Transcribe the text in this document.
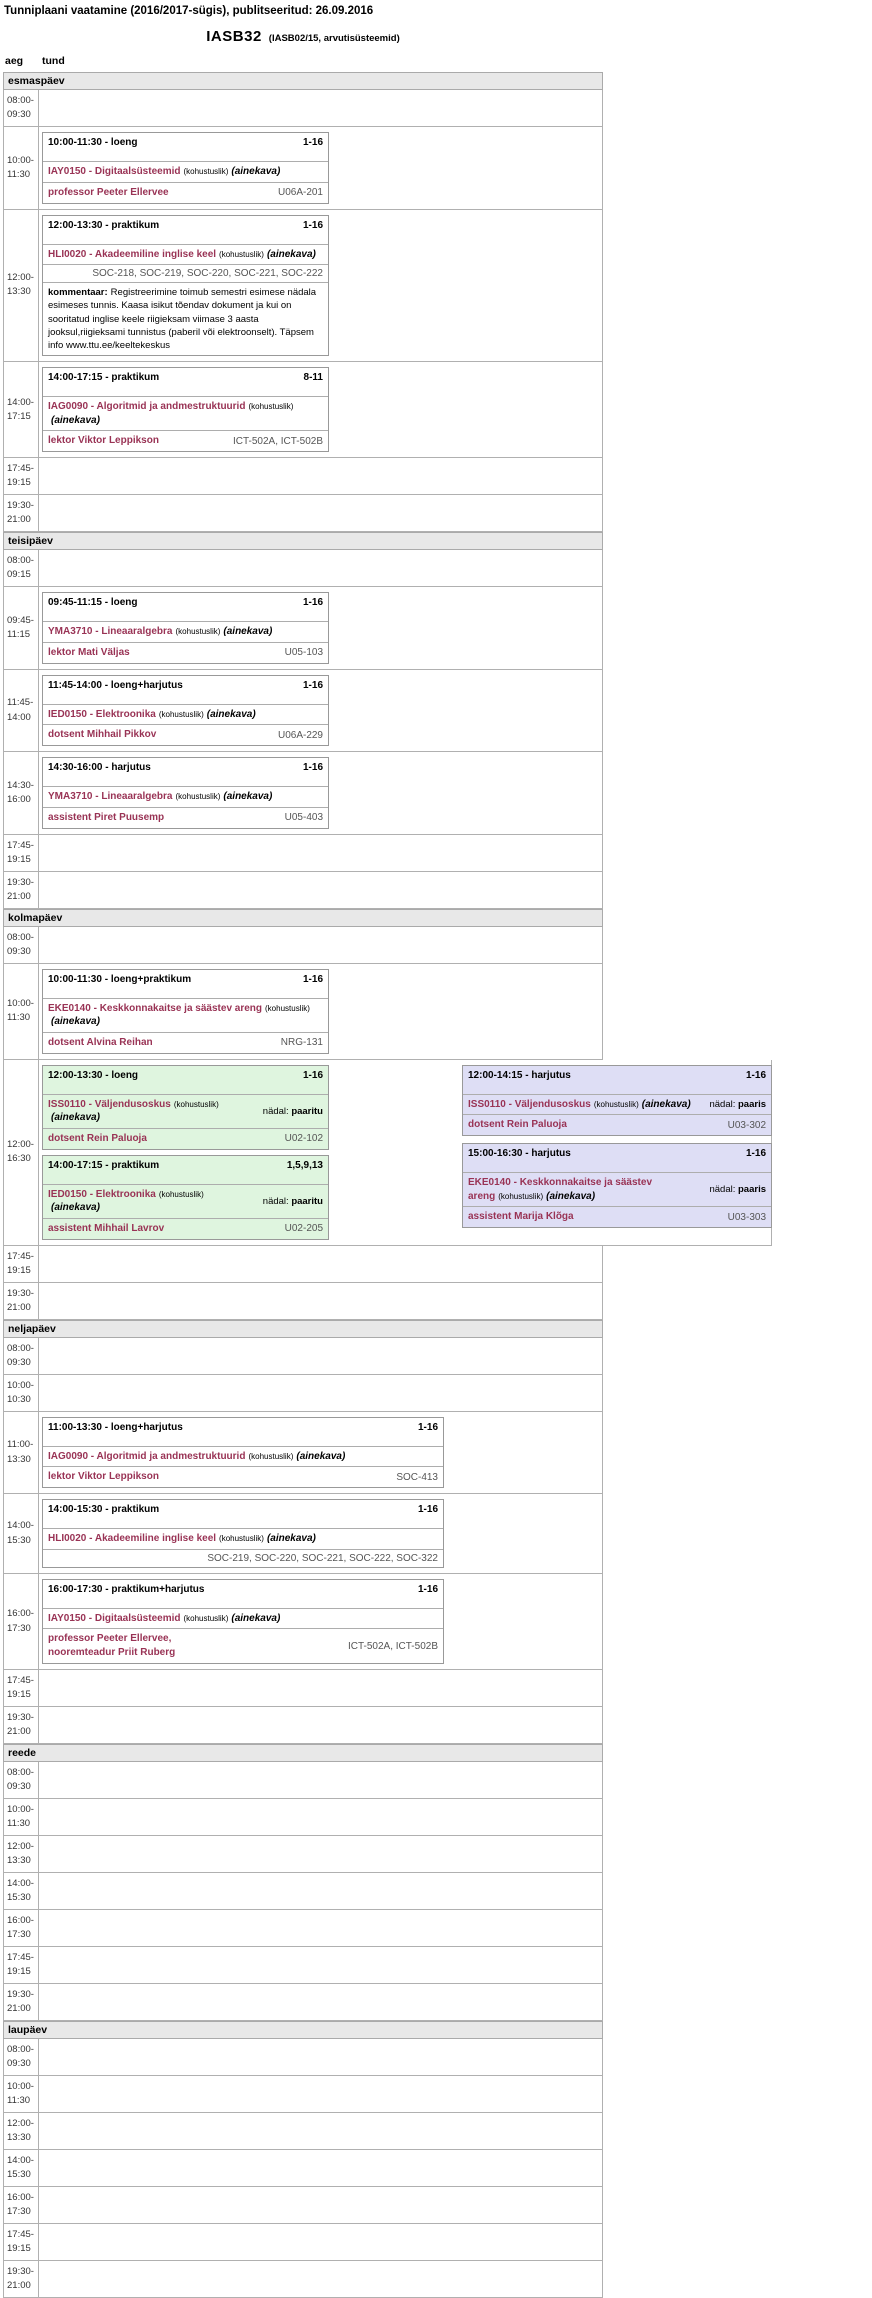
Tunniplaani vaatamine (2016/2017-sügis), publitseeritud: 26.09.2016
IASB32 (IASB02/15, arvutisüsteemid)
aeg	tund
esmaspäev
08:00-
09:30
10:00-
11:30
10:00-11:30 - loeng	1-16
IAY0150 - Digitaalsüsteemid (kohustuslik) (ainekava)
professor Peeter Ellervee	U06A-201
12:00-
13:30
12:00-13:30 - praktikum	1-16
HLI0020 - Akadeemiline inglise keel (kohustuslik) (ainekava)
SOC-218, SOC-219, SOC-220, SOC-221, SOC-222
kommentaar: Registreerimine toimub semestri esimese nädala esimeses tunnis. Kaasa isikut tõendav dokument ja kui on sooritatud inglise keele riigieksam viimase 3 aasta jooksul,riigieksami tunnistus (paberil või elektroonselt). Täpsem info www.ttu.ee/keeltekeskus
14:00-
17:15
14:00-17:15 - praktikum	8-11
IAG0090 - Algoritmid ja andmestruktuurid (kohustuslik)(ainekava)
lektor Viktor Leppikson	ICT-502A, ICT-502B
17:45-
19:15
19:30-
21:00
teisipäev
08:00-
09:15
09:45-
11:15
09:45-11:15 - loeng	1-16
YMA3710 - Lineaaralgebra (kohustuslik) (ainekava)
lektor Mati Väljas	U05-103
11:45-
14:00
11:45-14:00 - loeng+harjutus	1-16
IED0150 - Elektroonika (kohustuslik) (ainekava)
dotsent Mihhail Pikkov	U06A-229
14:30-
16:00
14:30-16:00 - harjutus	1-16
YMA3710 - Lineaaralgebra (kohustuslik) (ainekava)
assistent Piret Puusemp	U05-403
17:45-
19:15
19:30-
21:00
kolmapäev
08:00-
09:30
10:00-
11:30
10:00-11:30 - loeng+praktikum	1-16
EKE0140 - Keskkonnakaitse ja säästev areng (kohustuslik)(ainekava)
dotsent Alvina Reihan	NRG-131
12:00-
16:30
12:00-13:30 - loeng	1-16
ISS0110 - Väljendusoskus (kohustuslik)(ainekava)
nädal: paaritu
dotsent Rein Paluoja	U02-102
14:00-17:15 - praktikum	1,5,9,13
IED0150 - Elektroonika (kohustuslik)(ainekava)
nädal: paaritu
assistent Mihhail Lavrov	U02-205
12:00-14:15 - harjutus	1-16
ISS0110 - Väljendusoskus (kohustuslik) (ainekava)	nädal: paaris
dotsent Rein Paluoja	U03-302
15:00-16:30 - harjutus	1-16
EKE0140 - Keskkonnakaitse ja säästev areng (kohustuslik) (ainekava)
nädal: paaris
assistent Marija Klõga	U03-303
17:45-
19:15
19:30-
21:00
neljapäev
08:00-
09:30
10:00-
10:30
11:00-
13:30
11:00-13:30 - loeng+harjutus	1-16
IAG0090 - Algoritmid ja andmestruktuurid (kohustuslik) (ainekava)
lektor Viktor Leppikson	SOC-413
14:00-
15:30
14:00-15:30 - praktikum	1-16
HLI0020 - Akadeemiline inglise keel (kohustuslik) (ainekava)
SOC-219, SOC-220, SOC-221, SOC-222, SOC-322
16:00-
17:30
16:00-17:30 - praktikum+harjutus	1-16
IAY0150 - Digitaalsüsteemid (kohustuslik) (ainekava)
professor Peeter Ellervee,
nooremteadur Priit Ruberg
ICT-502A, ICT-502B
17:45-
19:15
19:30-
21:00
reede
08:00-
09:30
10:00-
11:30
12:00-
13:30
14:00-
15:30
16:00-
17:30
17:45-
19:15
19:30-
21:00
laupäev
08:00-
09:30
10:00-
11:30
12:00-
13:30
14:00-
15:30
16:00-
17:30
17:45-
19:15
19:30-
21:00
